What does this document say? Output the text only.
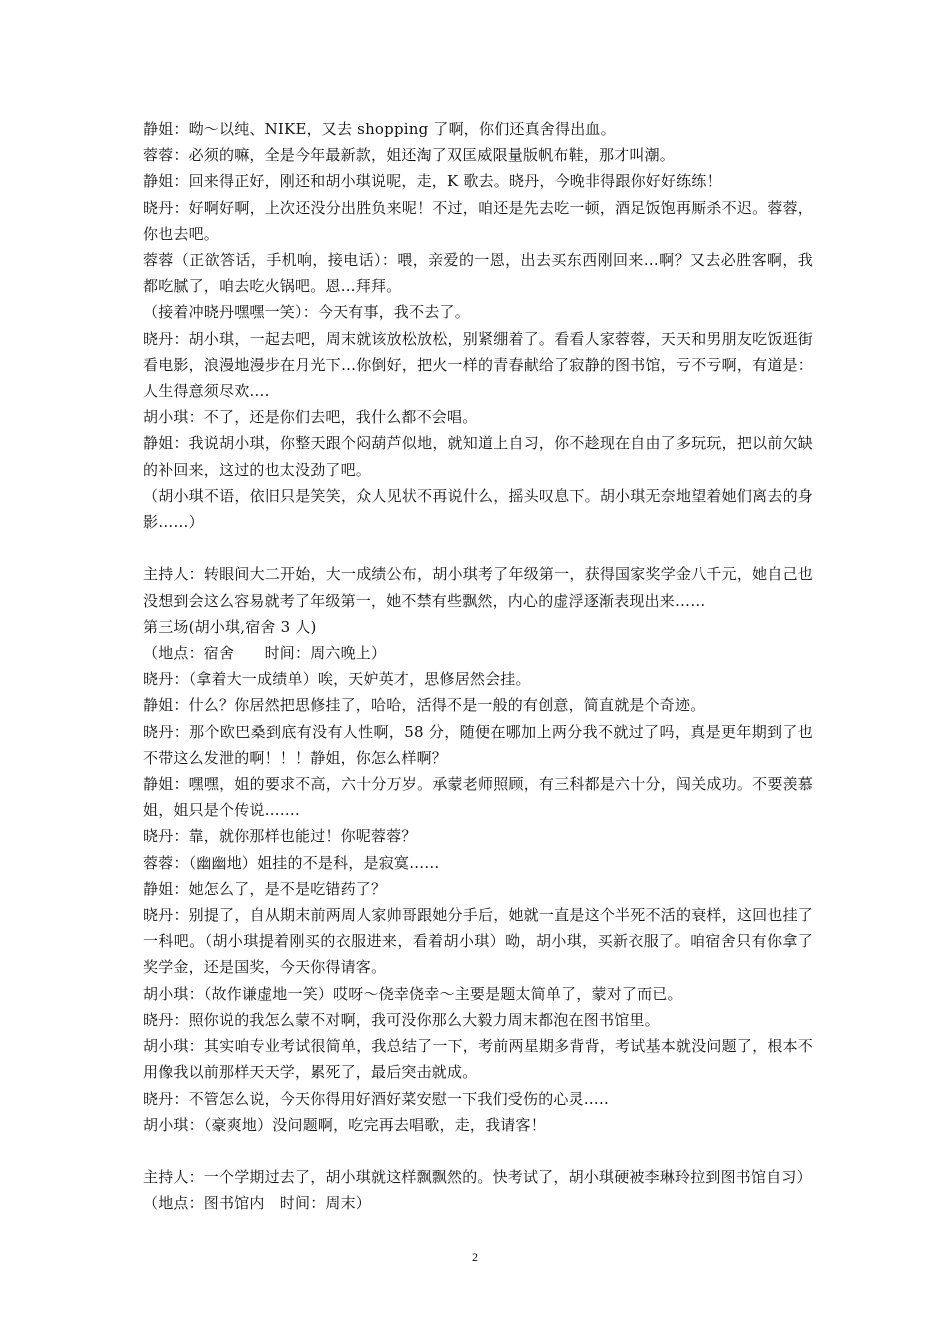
静姐：呦～以纯、NIKE，又去 shopping 了啊，你们还真舍得出血。

蓉蓉：必须的嘛，全是今年最新款，姐还淘了双匡威限量版帆布鞋，那才叫潮。

静姐：回来得正好，刚还和胡小琪说呢，走，K 歌去。晓丹，今晚非得跟你好好练练！

晓丹：好啊好啊，上次还没分出胜负来呢！不过，咱还是先去吃一顿，酒足饭饱再厮杀不迟。蓉蓉，你也去吧。

蓉蓉（正欲答话，手机响，接电话）：喂，亲爱的一恩，出去买东西刚回来…啊？又去必胜客啊，我都吃腻了，咱去吃火锅吧。恩…拜拜。

（接着冲晓丹嘿嘿一笑）：今天有事，我不去了。

晓丹：胡小琪，一起去吧，周末就该放松放松，别紧绷着了。看看人家蓉蓉，天天和男朋友吃饭逛街看电影，浪漫地漫步在月光下…你倒好，把火一样的青春献给了寂静的图书馆，亏不亏啊，有道是：人生得意须尽欢….

胡小琪：不了，还是你们去吧，我什么都不会唱。

静姐：我说胡小琪，你整天跟个闷葫芦似地，就知道上自习，你不趁现在自由了多玩玩，把以前欠缺的补回来，这过的也太没劲了吧。

（胡小琪不语，依旧只是笑笑，众人见状不再说什么，摇头叹息下。胡小琪无奈地望着她们离去的身影……）

主持人：转眼间大二开始，大一成绩公布，胡小琪考了年级第一，获得国家奖学金八千元，她自己也没想到会这么容易就考了年级第一，她不禁有些飘然，内心的虚浮逐渐表现出来……

第三场(胡小琪,宿舍 3 人)

（地点：宿舍　　时间：周六晚上）

晓丹：（拿着大一成绩单）唉，天妒英才，思修居然会挂。

静姐：什么？你居然把思修挂了，哈哈，活得不是一般的有创意，简直就是个奇迹。

晓丹：那个欧巴桑到底有没有人性啊，58 分，随便在哪加上两分我不就过了吗，真是更年期到了也不带这么发泄的啊！！！静姐，你怎么样啊？

静姐：嘿嘿，姐的要求不高，六十分万岁。承蒙老师照顾，有三科都是六十分，闯关成功。不要羡慕姐，姐只是个传说…….

晓丹：靠，就你那样也能过！你呢蓉蓉？

蓉蓉：（幽幽地）姐挂的不是科，是寂寞……

静姐：她怎么了，是不是吃错药了？

晓丹：别提了，自从期末前两周人家帅哥跟她分手后，她就一直是这个半死不活的衰样，这回也挂了一科吧。（胡小琪提着刚买的衣服进来，看着胡小琪）呦，胡小琪，买新衣服了。咱宿舍只有你拿了奖学金，还是国奖，今天你得请客。

胡小琪：（故作谦虚地一笑）哎呀～侥幸侥幸～主要是题太简单了，蒙对了而已。

晓丹：照你说的我怎么蒙不对啊，我可没你那么大毅力周末都泡在图书馆里。

胡小琪：其实咱专业考试很简单，我总结了一下，考前两星期多背背，考试基本就没问题了，根本不用像我以前那样天天学，累死了，最后突击就成。

晓丹：不管怎么说，今天你得用好酒好菜安慰一下我们受伤的心灵…..

胡小琪：（豪爽地）没问题啊，吃完再去唱歌，走，我请客！

主持人：一个学期过去了，胡小琪就这样飘飘然的。快考试了，胡小琪硬被李琳玲拉到图书馆自习）

（地点：图书馆内　时间：周末）

2
